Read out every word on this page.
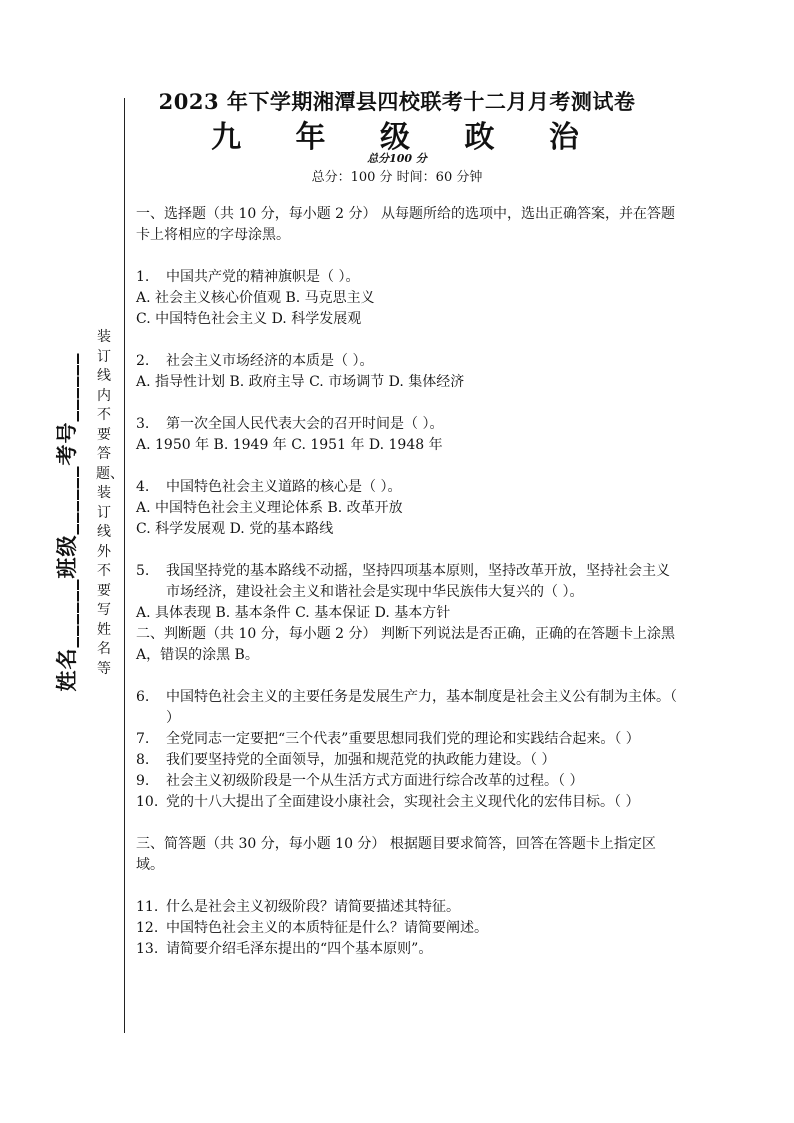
2023 年下学期湘潭县四校联考十二月月考测试卷
九 年 级 政 治
总分100 分
总分：100 分 时间：60 分钟
装订线内不要答题、装订线外不要写姓名等
姓名______班级______考号______

一、选择题（共 10 分，每小题 2 分） 从每题所给的选项中，选出正确答案，并在答题卡上将相应的字母涂黑。

1. 中国共产党的精神旗帜是（ ）。

A. 社会主义核心价值观 B. 马克思主义

C. 中国特色社会主义 D. 科学发展观

2. 社会主义市场经济的本质是（ ）。

A. 指导性计划 B. 政府主导 C. 市场调节 D. 集体经济

3. 第一次全国人民代表大会的召开时间是（ ）。

A. 1950 年 B. 1949 年 C. 1951 年 D. 1948 年

4. 中国特色社会主义道路的核心是（ ）。

A. 中国特色社会主义理论体系 B. 改革开放

C. 科学发展观 D. 党的基本路线

5. 我国坚持党的基本路线不动摇，坚持四项基本原则，坚持改革开放，坚持社会主义市场经济，建设社会主义和谐社会是实现中华民族伟大复兴的（ ）。

A. 具体表现 B. 基本条件 C. 基本保证 D. 基本方针

二、判断题（共 10 分，每小题 2 分） 判断下列说法是否正确，正确的在答题卡上涂黑 A，错误的涂黑 B。

6. 中国特色社会主义的主要任务是发展生产力，基本制度是社会主义公有制为主体。（ ）

7. 全党同志一定要把“三个代表”重要思想同我们党的理论和实践结合起来。（ ）

8. 我们要坚持党的全面领导，加强和规范党的执政能力建设。（ ）

9. 社会主义初级阶段是一个从生活方式方面进行综合改革的过程。（ ）

10. 党的十八大提出了全面建设小康社会，实现社会主义现代化的宏伟目标。（ ）

三、简答题（共 30 分，每小题 10 分） 根据题目要求简答，回答在答题卡上指定区域。

11. 什么是社会主义初级阶段？请简要描述其特征。

12. 中国特色社会主义的本质特征是什么？请简要阐述。

13. 请简要介绍毛泽东提出的“四个基本原则”。
